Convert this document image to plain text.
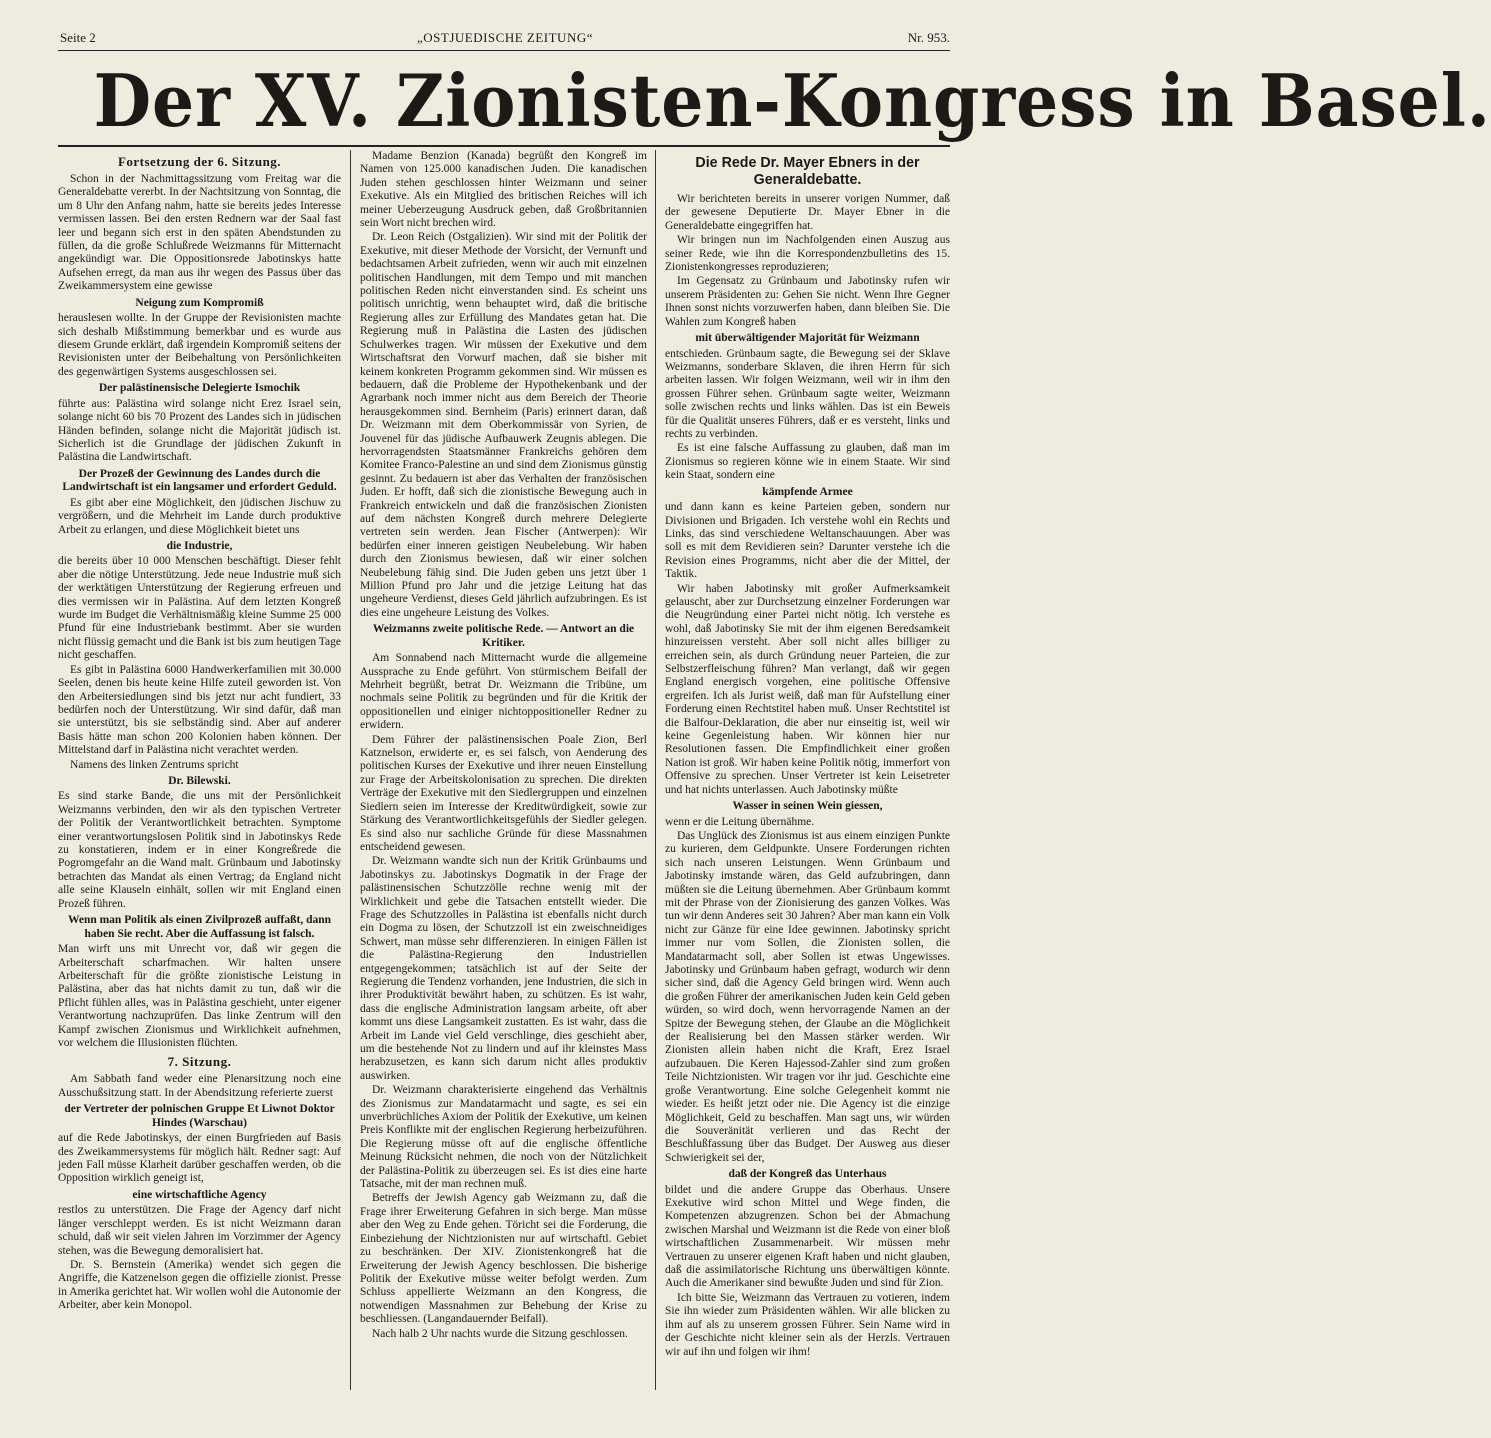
Seite 2	„OSTJUEDISCHE ZEITUNG“	Nr. 953.
Der XV. Zionisten-Kongress in Basel.
Fortsetzung der 6. Sitzung.

Schon in der Nachmittagssitzung vom Freitag war die Generaldebatte vererbt. In der Nachtsitzung von Sonntag, die um 8 Uhr den Anfang nahm, hatte sie bereits jedes Interesse vermissen lassen. Bei den ersten Rednern war der Saal fast leer und begann sich erst in den späten Abendstunden zu füllen, da die große Schlußrede Weizmanns für Mitternacht angekündigt war. Die Oppositionsrede Jabotinskys hatte Aufsehen erregt, da man aus ihr wegen des Passus über das Zweikammersystem eine gewisse

Neigung zum Kompromiß

herauslesen wollte. In der Gruppe der Revisionisten machte sich deshalb Mißstimmung bemerkbar und es wurde aus diesem Grunde erklärt, daß irgendein Kompromiß seitens der Revisionisten unter der Beibehaltung von Persönlichkeiten des gegenwärtigen Systems ausgeschlossen sei.

Der palästinensische Delegierte Ismochik

führte aus: Palästina wird solange nicht Erez Israel sein, solange nicht 60 bis 70 Prozent des Landes sich in jüdischen Händen befinden, solange nicht die Majorität jüdisch ist. Sicherlich ist die Grundlage der jüdischen Zukunft in Palästina die Landwirtschaft.

Der Prozeß der Gewinnung des Landes durch die Landwirtschaft ist ein langsamer und erfordert Geduld.

Es gibt aber eine Möglichkeit, den jüdischen Jischuw zu vergrößern, und die Mehrheit im Lande durch produktive Arbeit zu erlangen, und diese Möglichkeit bietet uns

die Industrie,

die bereits über 10 000 Menschen beschäftigt. Dieser fehlt aber die nötige Unterstützung. Jede neue Industrie muß sich der werktätigen Unterstützung der Regierung erfreuen und dies vermissen wir in Palästina. Auf dem letzten Kongreß wurde im Budget die Verhältnismäßig kleine Summe 25 000 Pfund für eine Industriebank bestimmt. Aber sie wurden nicht flüssig gemacht und die Bank ist bis zum heutigen Tage nicht geschaffen.

Es gibt in Palästina 6000 Handwerkerfamilien mit 30.000 Seelen, denen bis heute keine Hilfe zuteil geworden ist. Von den Arbeitersiedlungen sind bis jetzt nur acht fundiert, 33 bedürfen noch der Unterstützung. Wir sind dafür, daß man sie unterstützt, bis sie selbständig sind. Aber auf anderer Basis hätte man schon 200 Kolonien haben können. Der Mittelstand darf in Palästina nicht verachtet werden.

Namens des linken Zentrums spricht

Dr. Bilewski.

Es sind starke Bande, die uns mit der Persönlichkeit Weizmanns verbinden, den wir als den typischen Vertreter der Politik der Verantwortlichkeit betrachten. Symptome einer verantwortungslosen Politik sind in Jabotinskys Rede zu konstatieren, indem er in einer Kongreßrede die Pogromgefahr an die Wand malt. Grünbaum und Jabotinsky betrachten das Mandat als einen Vertrag; da England nicht alle seine Klauseln einhält, sollen wir mit England einen Prozeß führen.

Wenn man Politik als einen Zivilprozeß auffaßt, dann haben Sie recht. Aber die Auffassung ist falsch.

Man wirft uns mit Unrecht vor, daß wir gegen die Arbeiterschaft scharfmachen. Wir halten unsere Arbeiterschaft für die größte zionistische Leistung in Palästina, aber das hat nichts damit zu tun, daß wir die Pflicht fühlen alles, was in Palästina geschieht, unter eigener Verantwortung nachzuprüfen. Das linke Zentrum will den Kampf zwischen Zionismus und Wirklichkeit aufnehmen, vor welchem die Illusionisten flüchten.

7. Sitzung.

Am Sabbath fand weder eine Plenarsitzung noch eine Ausschußsitzung statt. In der Abendsitzung referierte zuerst

der Vertreter der polnischen Gruppe Et Liwnot Doktor Hindes (Warschau)

auf die Rede Jabotinskys, der einen Burgfrieden auf Basis des Zweikammersystems für möglich hält. Redner sagt: Auf jeden Fall müsse Klarheit darüber geschaffen werden, ob die Opposition wirklich geneigt ist,

eine wirtschaftliche Agency

restlos zu unterstützen. Die Frage der Agency darf nicht länger verschleppt werden. Es ist nicht Weizmann daran schuld, daß wir seit vielen Jahren im Vorzimmer der Agency stehen, was die Bewegung demoralisiert hat.

Dr. S. Bernstein (Amerika) wendet sich gegen die Angriffe, die Katzenelson gegen die offizielle zionist. Presse in Amerika gerichtet hat. Wir wollen wohl die Autonomie der Arbeiter, aber kein Monopol.

Madame Benzion (Kanada) begrüßt den Kongreß im Namen von 125.000 kanadischen Juden. Die kanadischen Juden stehen geschlossen hinter Weizmann und seiner Exekutive. Als ein Mitglied des britischen Reiches will ich meiner Ueberzeugung Ausdruck geben, daß Großbritannien sein Wort nicht brechen wird.

Dr. Leon Reich (Ostgalizien). Wir sind mit der Politik der Exekutive, mit dieser Methode der Vorsicht, der Vernunft und bedachtsamen Arbeit zufrieden, wenn wir auch mit einzelnen politischen Handlungen, mit dem Tempo und mit manchen politischen Reden nicht einverstanden sind. Es scheint uns politisch unrichtig, wenn behauptet wird, daß die britische Regierung alles zur Erfüllung des Mandates getan hat. Die Regierung muß in Palästina die Lasten des jüdischen Schulwerkes tragen. Wir müssen der Exekutive und dem Wirtschaftsrat den Vorwurf machen, daß sie bisher mit keinem konkreten Programm gekommen sind. Wir müssen es bedauern, daß die Probleme der Hypothekenbank und der Agrarbank noch immer nicht aus dem Bereich der Theorie herausgekommen sind. Bernheim (Paris) erinnert daran, daß Dr. Weizmann mit dem Oberkommissär von Syrien, de Jouvenel für das jüdische Aufbauwerk Zeugnis ablegen. Die hervorragendsten Staatsmänner Frankreichs gehören dem Komitee Franco-Palestine an und sind dem Zionismus günstig gesinnt. Zu bedauern ist aber das Verhalten der französischen Juden. Er hofft, daß sich die zionistische Bewegung auch in Frankreich entwickeln und daß die französischen Zionisten auf dem nächsten Kongreß durch mehrere Delegierte vertreten sein werden. Jean Fischer (Antwerpen): Wir bedürfen einer inneren geistigen Neubelebung. Wir haben durch den Zionismus bewiesen, daß wir einer solchen Neubelebung fähig sind. Die Juden geben uns jetzt über 1 Million Pfund pro Jahr und die jetzige Leitung hat das ungeheure Verdienst, dieses Geld jährlich aufzubringen. Es ist dies eine ungeheure Leistung des Volkes.

Weizmanns zweite politische Rede. — Antwort an die Kritiker.

Am Sonnabend nach Mitternacht wurde die allgemeine Aussprache zu Ende geführt. Von stürmischem Beifall der Mehrheit begrüßt, betrat Dr. Weizmann die Tribüne, um nochmals seine Politik zu begründen und für die Kritik der oppositionellen und einiger nichtoppositioneller Redner zu erwidern.

Dem Führer der palästinensischen Poale Zion, Berl Katznelson, erwiderte er, es sei falsch, von Aenderung des politischen Kurses der Exekutive und ihrer neuen Einstellung zur Frage der Arbeitskolonisation zu sprechen. Die direkten Verträge der Exekutive mit den Siedlergruppen und einzelnen Siedlern seien im Interesse der Kreditwürdigkeit, sowie zur Stärkung des Verantwortlichkeitsgefühls der Siedler gelegen. Es sind also nur sachliche Gründe für diese Massnahmen entscheidend gewesen.

Dr. Weizmann wandte sich nun der Kritik Grünbaums und Jabotinskys zu. Jabotinskys Dogmatik in der Frage der palästinensischen Schutzzölle rechne wenig mit der Wirklichkeit und gebe die Tatsachen entstellt wieder. Die Frage des Schutzzolles in Palästina ist ebenfalls nicht durch ein Dogma zu lösen, der Schutzzoll ist ein zweischneidiges Schwert, man müsse sehr differenzieren. In einigen Fällen ist die Palästina-Regierung den Industriellen entgegengekommen; tatsächlich ist auf der Seite der Regierung die Tendenz vorhanden, jene Industrien, die sich in ihrer Produktivität bewährt haben, zu schützen. Es ist wahr, dass die englische Administration langsam arbeite, oft aber kommt uns diese Langsamkeit zustatten. Es ist wahr, dass die Arbeit im Lande viel Geld verschlinge, dies geschieht aber, um die bestehende Not zu lindern und auf ihr kleinstes Mass herabzusetzen, es kann sich darum nicht alles produktiv auswirken.

Dr. Weizmann charakterisierte eingehend das Verhältnis des Zionismus zur Mandatarmacht und sagte, es sei ein unverbrüchliches Axiom der Politik der Exekutive, um keinen Preis Konflikte mit der englischen Regierung herbeizuführen. Die Regierung müsse oft auf die englische öffentliche Meinung Rücksicht nehmen, die noch von der Nützlichkeit der Palästina-Politik zu überzeugen sei. Es ist dies eine harte Tatsache, mit der man rechnen muß.

Betreffs der Jewish Agency gab Weizmann zu, daß die Frage ihrer Erweiterung Gefahren in sich berge. Man müsse aber den Weg zu Ende gehen. Töricht sei die Forderung, die Einbeziehung der Nichtzionisten nur auf wirtschaftl. Gebiet zu beschränken. Der XIV. Zionistenkongreß hat die Erweiterung der Jewish Agency beschlossen. Die bisherige Politik der Exekutive müsse weiter befolgt werden. Zum Schluss appellierte Weizmann an den Kongress, die notwendigen Massnahmen zur Behebung der Krise zu beschliessen. (Langandauernder Beifall).

Nach halb 2 Uhr nachts wurde die Sitzung geschlossen.

Die Rede Dr. Mayer Ebners in der Generaldebatte.

Wir berichteten bereits in unserer vorigen Nummer, daß der gewesene Deputierte Dr. Mayer Ebner in die Generaldebatte eingegriffen hat.

Wir bringen nun im Nachfolgenden einen Auszug aus seiner Rede, wie ihn die Korrespondenzbulletins des 15. Zionistenkongresses reproduzieren;

Im Gegensatz zu Grünbaum und Jabotinsky rufen wir unserem Präsidenten zu: Gehen Sie nicht. Wenn Ihre Gegner Ihnen sonst nichts vorzuwerfen haben, dann bleiben Sie. Die Wahlen zum Kongreß haben

mit überwältigender Majorität für Weizmann

entschieden. Grünbaum sagte, die Bewegung sei der Sklave Weizmanns, sonderbare Sklaven, die ihren Herrn für sich arbeiten lassen. Wir folgen Weizmann, weil wir in ihm den grossen Führer sehen. Grünbaum sagte weiter, Weizmann solle zwischen rechts und links wählen. Das ist ein Beweis für die Qualität unseres Führers, daß er es versteht, links und rechts zu verbinden.

Es ist eine falsche Auffassung zu glauben, daß man im Zionismus so regieren könne wie in einem Staate. Wir sind kein Staat, sondern eine

kämpfende Armee

und dann kann es keine Parteien geben, sondern nur Divisionen und Brigaden. Ich verstehe wohl ein Rechts und Links, das sind verschiedene Weltanschauungen. Aber was soll es mit dem Revidieren sein? Darunter verstehe ich die Revision eines Programms, nicht aber die der Mittel, der Taktik.

Wir haben Jabotinsky mit großer Aufmerksamkeit gelauscht, aber zur Durchsetzung einzelner Forderungen war die Neugründung einer Partei nicht nötig. Ich verstehe es wohl, daß Jabotinsky Sie mit der ihm eigenen Beredsamkeit hinzureissen versteht. Aber soll nicht alles billiger zu erreichen sein, als durch Gründung neuer Parteien, die zur Selbstzerfleischung führen? Man verlangt, daß wir gegen England energisch vorgehen, eine politische Offensive ergreifen. Ich als Jurist weiß, daß man für Aufstellung einer Forderung einen Rechtstitel haben muß. Unser Rechtstitel ist die Balfour-Deklaration, die aber nur einseitig ist, weil wir keine Gegenleistung haben. Wir können hier nur Resolutionen fassen. Die Empfindlichkeit einer großen Nation ist groß. Wir haben keine Politik nötig, immerfort von Offensive zu sprechen. Unser Vertreter ist kein Leisetreter und hat nichts unterlassen. Auch Jabotinsky müßte

Wasser in seinen Wein giessen,

wenn er die Leitung übernähme.

Das Unglück des Zionismus ist aus einem einzigen Punkte zu kurieren, dem Geldpunkte. Unsere Forderungen richten sich nach unseren Leistungen. Wenn Grünbaum und Jabotinsky imstande wären, das Geld aufzubringen, dann müßten sie die Leitung übernehmen. Aber Grünbaum kommt mit der Phrase von der Zionisierung des ganzen Volkes. Was tun wir denn Anderes seit 30 Jahren? Aber man kann ein Volk nicht zur Gänze für eine Idee gewinnen. Jabotinsky spricht immer nur vom Sollen, die Zionisten sollen, die Mandatarmacht soll, aber Sollen ist etwas Ungewisses. Jabotinsky und Grünbaum haben gefragt, wodurch wir denn sicher sind, daß die Agency Geld bringen wird. Wenn auch die großen Führer der amerikanischen Juden kein Geld geben würden, so wird doch, wenn hervorragende Namen an der Spitze der Bewegung stehen, der Glaube an die Möglichkeit der Realisierung bei den Massen stärker werden. Wir Zionisten allein haben nicht die Kraft, Erez Israel aufzubauen. Die Keren Hajessod-Zahler sind zum großen Teile Nichtzionisten. Wir tragen vor ihr jud. Geschichte eine große Verantwortung. Eine solche Gelegenheit kommt nie wieder. Es heißt jetzt oder nie. Die Agency ist die einzige Möglichkeit, Geld zu beschaffen. Man sagt uns, wir würden die Souveränität verlieren und das Recht der Beschlußfassung über das Budget. Der Ausweg aus dieser Schwierigkeit sei der,

daß der Kongreß das Unterhaus

bildet und die andere Gruppe das Oberhaus. Unsere Exekutive wird schon Mittel und Wege finden, die Kompetenzen abzugrenzen. Schon bei der Abmachung zwischen Marshal und Weizmann ist die Rede von einer bloß wirtschaftlichen Zusammenarbeit. Wir müssen mehr Vertrauen zu unserer eigenen Kraft haben und nicht glauben, daß die assimilatorische Richtung uns überwältigen könnte. Auch die Amerikaner sind bewußte Juden und sind für Zion.

Ich bitte Sie, Weizmann das Vertrauen zu votieren, indem Sie ihn wieder zum Präsidenten wählen. Wir alle blicken zu ihm auf als zu unserem grossen Führer. Sein Name wird in der Geschichte nicht kleiner sein als der Herzls. Vertrauen wir auf ihn und folgen wir ihm!
